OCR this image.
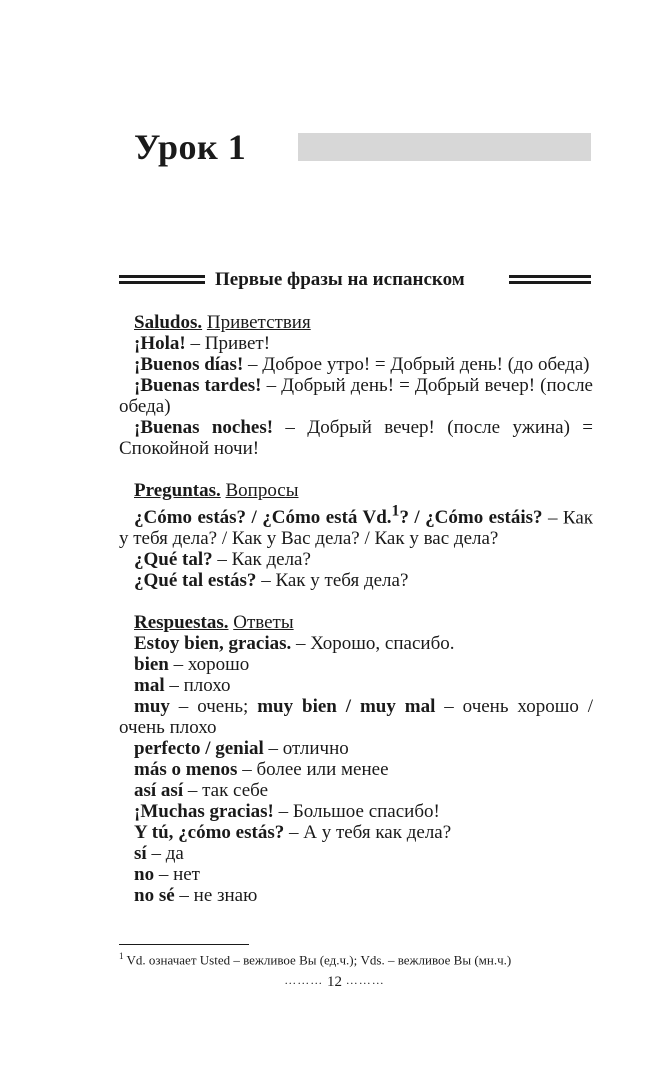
Урок 1
Первые фразы на испанском
Saludos. Приветствия
¡Hola! – Привет!
¡Buenos días! – Доброе утро! = Добрый день! (до обеда)
¡Buenas tardes! – Добрый день! = Добрый вечер! (после обеда)
¡Buenas noches! – Добрый вечер! (после ужина) = Спокойной ночи!
Preguntas. Вопросы
¿Cómo estás? / ¿Cómo está Vd.$^1$? / ¿Cómo estáis? – Как у тебя дела? / Как у Вас дела? / Как у вас дела?
¿Qué tal? – Как дела?
¿Qué tal estás? – Как у тебя дела?
Respuestas. Ответы
Estoy bien, gracias. – Хорошо, спасибо.
bien – хорошо
mal – плохо
muy – очень; muy bien / muy mal – очень хорошо / очень плохо
perfecto / genial – отлично
más o menos – более или менее
así así – так себе
¡Muchas gracias! – Большое спасибо!
Y tú, ¿cómo estás? – А у тебя как дела?
sí – да
no – нет
no sé – не знаю
$^1$ Vd. означает Usted – вежливое Вы (ед.ч.); Vds. – вежливое Вы (мн.ч.)
……… 12 ………
